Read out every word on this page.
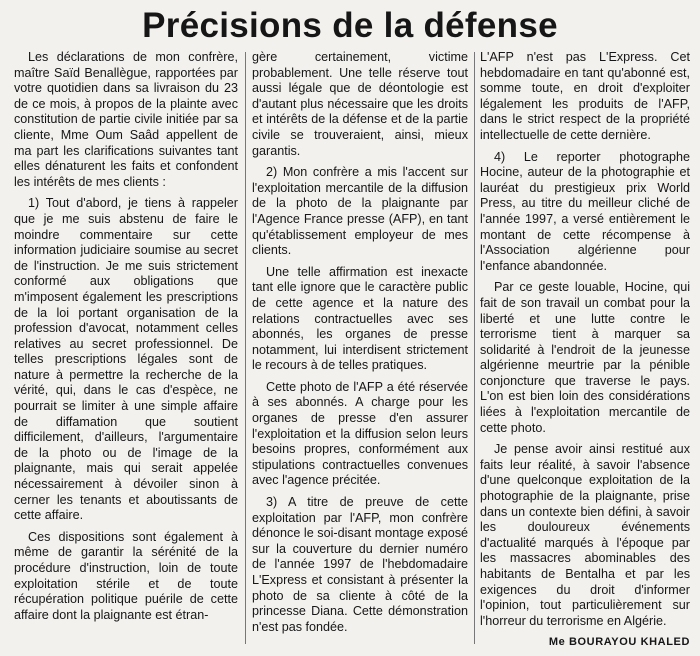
Précisions de la défense

Les déclarations de mon confrère, maître Saïd Benallègue, rapportées par votre quotidien dans sa livraison du 23 de ce mois, à propos de la plainte avec constitution de partie civile initiée par sa cliente, Mme Oum Saâd appellent de ma part les clarifications suivantes tant elles dénaturent les faits et confondent les intérêts de mes clients :

1) Tout d'abord, je tiens à rappeler que je me suis abstenu de faire le moindre commentaire sur cette information judiciaire soumise au secret de l'instruction. Je me suis strictement conformé aux obligations que m'imposent également les prescriptions de la loi portant organisation de la profession d'avocat, notamment celles relatives au secret professionnel. De telles prescriptions légales sont de nature à permettre la recherche de la vérité, qui, dans le cas d'espèce, ne pourrait se limiter à une simple affaire de diffamation que soutient difficilement, d'ailleurs, l'argumentaire de la photo ou de l'image de la plaignante, mais qui serait appelée nécessairement à dévoiler sinon à cerner les tenants et aboutissants de cette affaire.

Ces dispositions sont également à même de garantir la sérénité de la procédure d'instruction, loin de toute exploitation stérile et de toute récupération politique puérile de cette affaire dont la plaignante est étran-

gère certainement, victime probablement. Une telle réserve tout aussi légale que de déontologie est d'autant plus nécessaire que les droits et intérêts de la défense et de la partie civile se trouveraient, ainsi, mieux garantis.

2) Mon confrère a mis l'accent sur l'exploitation mercantile de la diffusion de la photo de la plaignante par l'Agence France presse (AFP), en tant qu'établissement employeur de mes clients.

Une telle affirmation est inexacte tant elle ignore que le caractère public de cette agence et la nature des relations contractuelles avec ses abonnés, les organes de presse notamment, lui interdisent strictement le recours à de telles pratiques.

Cette photo de l'AFP a été réservée à ses abonnés. A charge pour les organes de presse d'en assurer l'exploitation et la diffusion selon leurs besoins propres, conformément aux stipulations contractuelles convenues avec l'agence précitée.

3) A titre de preuve de cette exploitation par l'AFP, mon confrère dénonce le soi-disant montage exposé sur la couverture du dernier numéro de l'année 1997 de l'hebdomadaire L'Express et consistant à présenter la photo de sa cliente à côté de la princesse Diana. Cette démonstration n'est pas fondée.

L'AFP n'est pas L'Express. Cet hebdomadaire en tant qu'abonné est, somme toute, en droit d'exploiter légalement les produits de l'AFP, dans le strict respect de la propriété intellectuelle de cette dernière.

4) Le reporter photographe Hocine, auteur de la photographie et lauréat du prestigieux prix World Press, au titre du meilleur cliché de l'année 1997, a versé entièrement le montant de cette récompense à l'Association algérienne pour l'enfance abandonnée.

Par ce geste louable, Hocine, qui fait de son travail un combat pour la liberté et une lutte contre le terrorisme tient à marquer sa solidarité à l'endroit de la jeunesse algérienne meurtrie par la pénible conjoncture que traverse le pays. L'on est bien loin des considérations liées à l'exploitation mercantile de cette photo.

Je pense avoir ainsi restitué aux faits leur réalité, à savoir l'absence d'une quelconque exploitation de la photographie de la plaignante, prise dans un contexte bien défini, à savoir les douloureux événements d'actualité marqués à l'époque par les massacres abominables des habitants de Bentalha et par les exigences du droit d'informer l'opinion, tout particulièrement sur l'horreur du terrorisme en Algérie.

Me BOURAYOU KHALED
